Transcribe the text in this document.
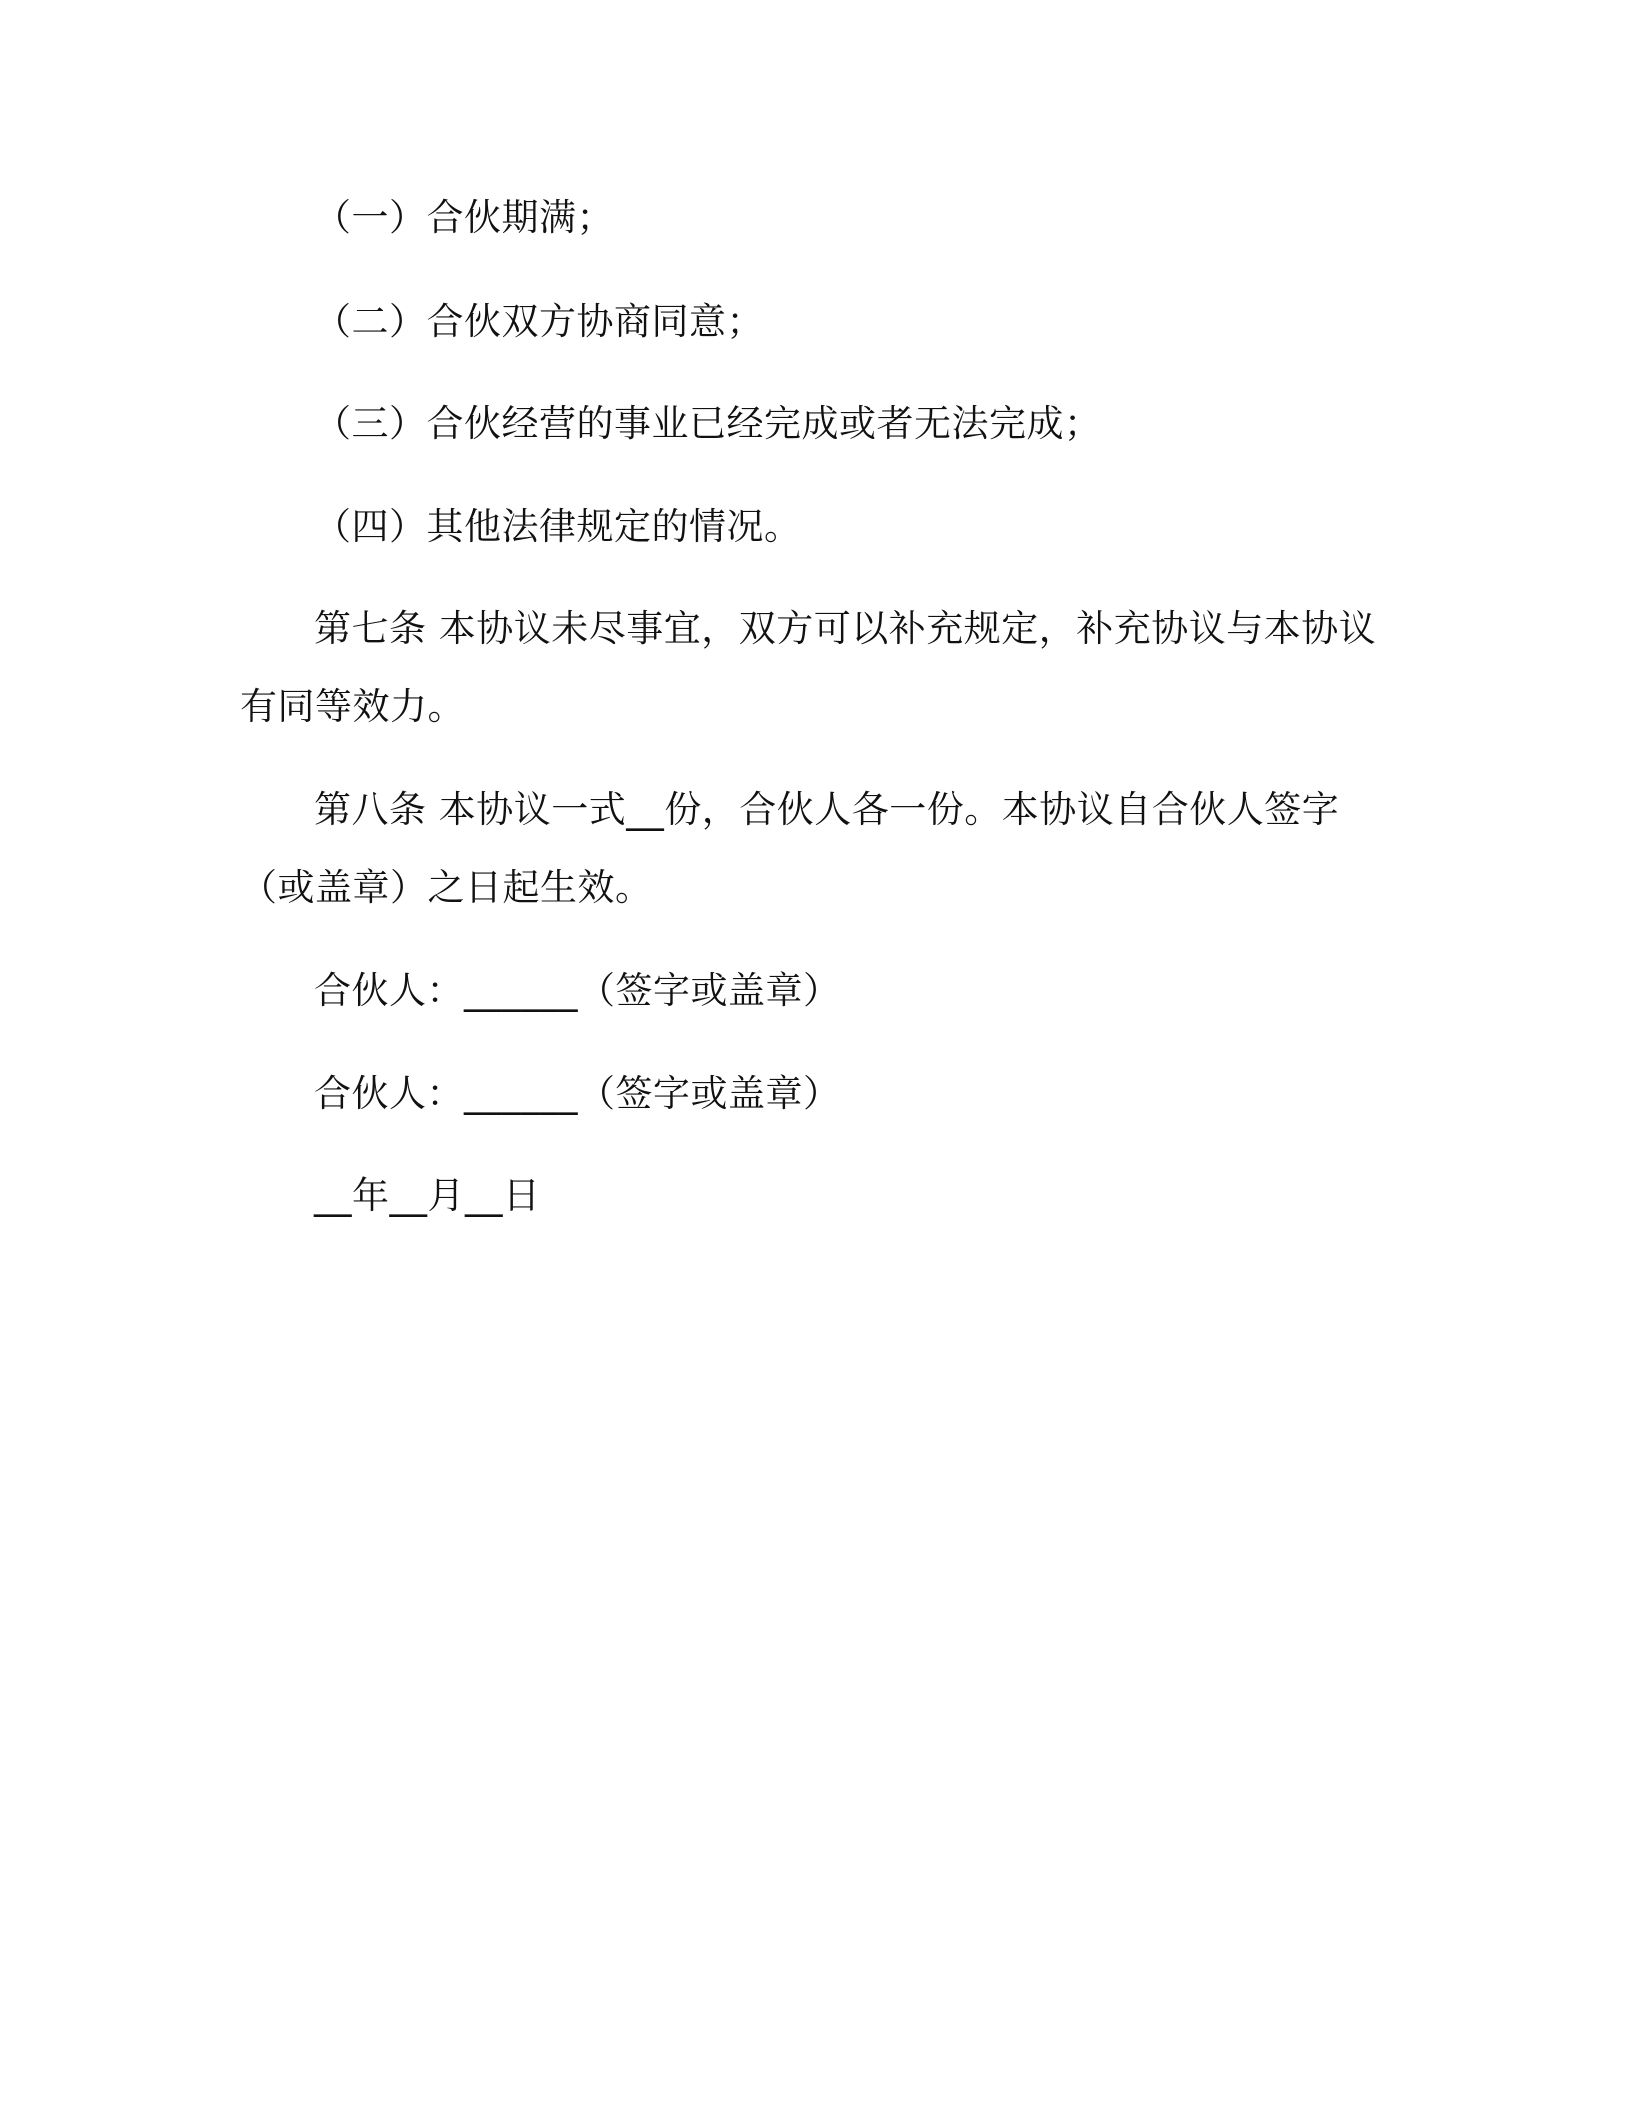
（一）合伙期满；
（二）合伙双方协商同意；
（三）合伙经营的事业已经完成或者无法完成；
（四）其他法律规定的情况。
第七条 本协议未尽事宜，双方可以补充规定，补充协议与本协议
有同等效力。
第八条 本协议一式__份，合伙人各一份。本协议自合伙人签字
（或盖章）之日起生效。
合伙人：______（签字或盖章）
合伙人：______（签字或盖章）
__年__月__日
